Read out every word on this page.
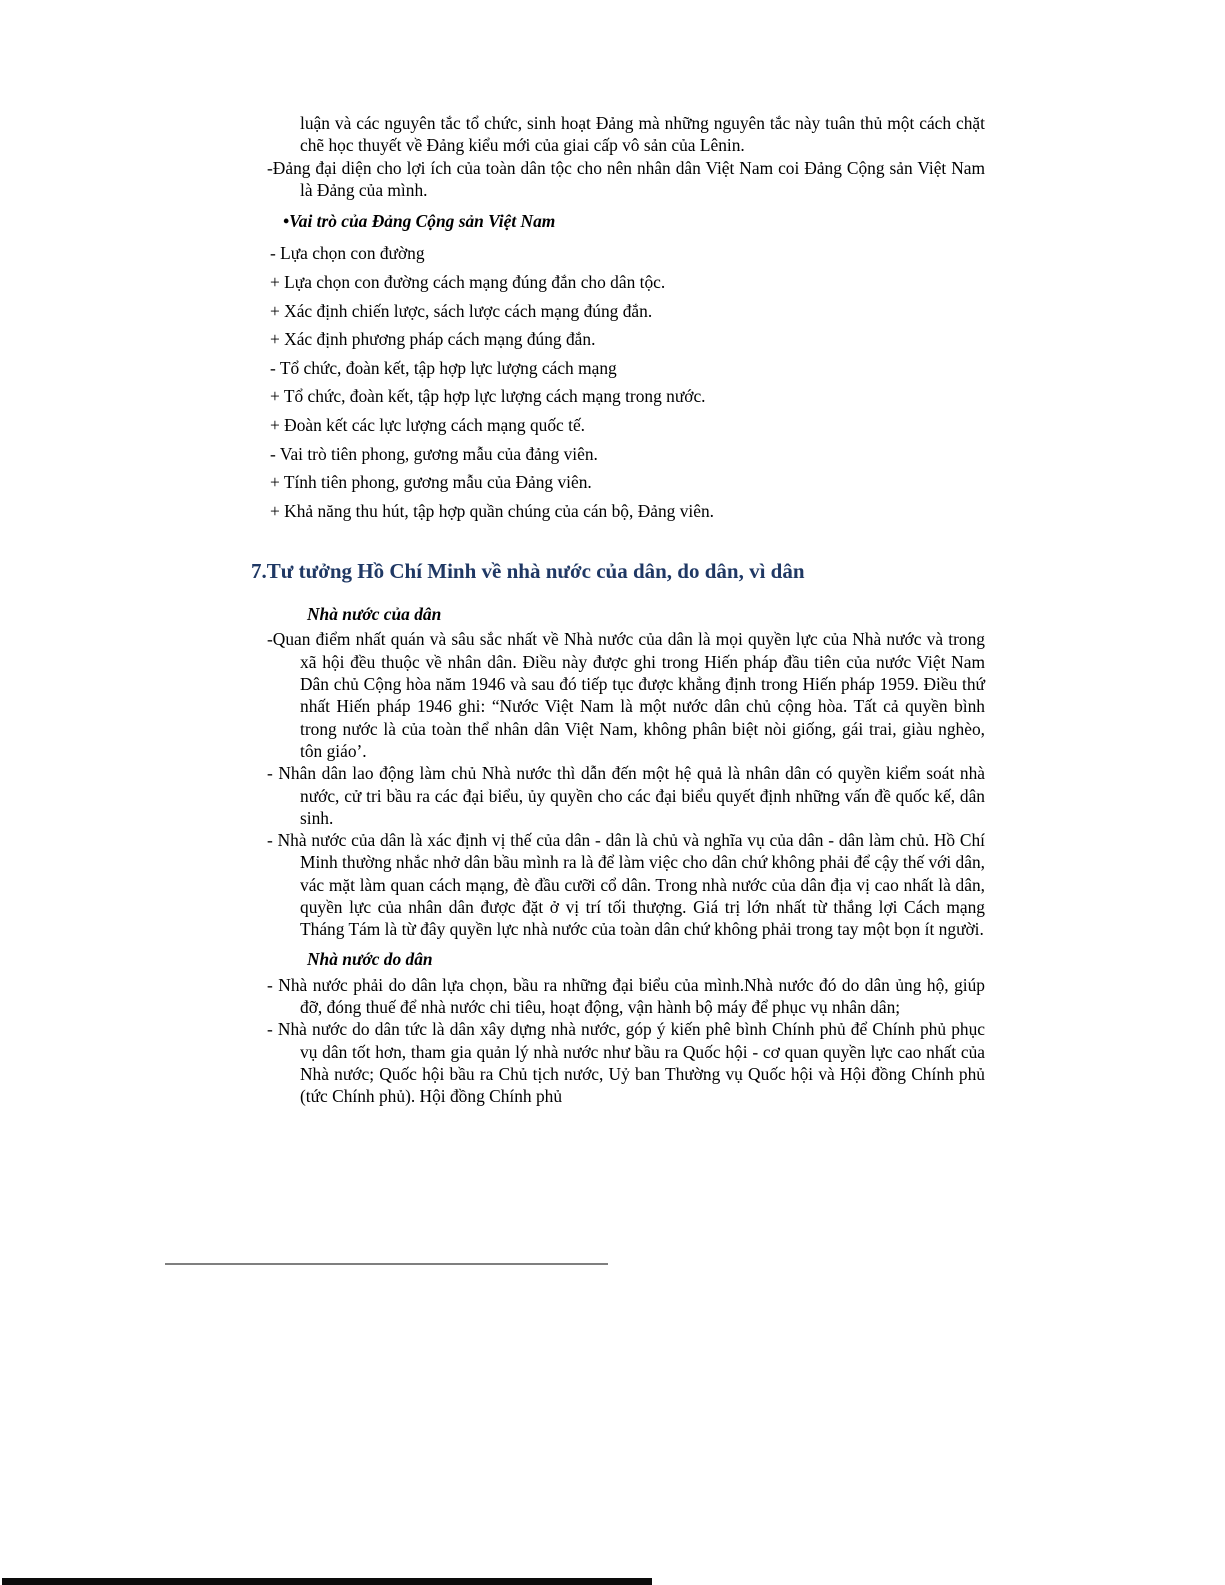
luận và các nguyên tắc tổ chức, sinh hoạt Đảng mà những nguyên tắc này tuân thủ một cách chặt chẽ học thuyết về Đảng kiểu mới của giai cấp vô sản của Lênin.
-Đảng đại diện cho lợi ích của toàn dân tộc cho nên nhân dân Việt Nam coi Đảng Cộng sản Việt Nam là Đảng của mình.
•Vai trò của Đảng Cộng sản Việt Nam
- Lựa chọn con đường
+ Lựa chọn con đường cách mạng đúng đắn cho dân tộc.
+ Xác định chiến lược, sách lược cách mạng đúng đắn.
+ Xác định phương pháp cách mạng đúng đắn.
- Tổ chức, đoàn kết, tập hợp lực lượng cách mạng
+ Tổ chức, đoàn kết, tập hợp lực lượng cách mạng trong nước.
+ Đoàn kết các lực lượng cách mạng quốc tế.
- Vai trò tiên phong, gương mẫu của đảng viên.
+ Tính tiên phong, gương mẫu của Đảng viên.
+ Khả năng thu hút, tập hợp quần chúng của cán bộ, Đảng viên.
7.Tư tưởng Hồ Chí Minh về nhà nước của dân, do dân, vì dân
Nhà nước của dân
-Quan điểm nhất quán và sâu sắc nhất về Nhà nước của dân là mọi quyền lực của Nhà nước và trong xã hội đều thuộc về nhân dân. Điều này được ghi trong Hiến pháp đầu tiên của nước Việt Nam Dân chủ Cộng hòa năm 1946 và sau đó tiếp tục được khẳng định trong Hiến pháp 1959. Điều thứ nhất Hiến pháp 1946 ghi: “Nước Việt Nam là một nước dân chủ cộng hòa. Tất cả quyền bình trong nước là của toàn thể nhân dân Việt Nam, không phân biệt nòi giống, gái trai, giàu nghèo, tôn giáo’.
- Nhân dân lao động làm chủ Nhà nước thì dẫn đến một hệ quả là nhân dân có quyền kiểm soát nhà nước, cử tri bầu ra các đại biểu, ủy quyền cho các đại biểu quyết định những vấn đề quốc kế, dân sinh.
- Nhà nước của dân là xác định vị thế của dân - dân là chủ và nghĩa vụ của dân - dân làm chủ. Hồ Chí Minh thường nhắc nhở dân bầu mình ra là để làm việc cho dân chứ không phải để cậy thế với dân, vác mặt làm quan cách mạng, đè đầu cưỡi cổ dân. Trong nhà nước của dân địa vị cao nhất là dân, quyền lực của nhân dân được đặt ở vị trí tối thượng. Giá trị lớn nhất từ thắng lợi Cách mạng Tháng Tám là từ đây quyền lực nhà nước của toàn dân chứ không phải trong tay một bọn ít người.
Nhà nước do dân
- Nhà nước phải do dân lựa chọn, bầu ra những đại biểu của mình.Nhà nước đó do dân ủng hộ, giúp đỡ, đóng thuế để nhà nước chi tiêu, hoạt động, vận hành bộ máy để phục vụ nhân dân;
- Nhà nước do dân tức là dân xây dựng nhà nước, góp ý kiến phê bình Chính phủ để Chính phủ phục vụ dân tốt hơn, tham gia quản lý nhà nước như bầu ra Quốc hội - cơ quan quyền lực cao nhất của Nhà nước; Quốc hội bầu ra Chủ tịch nước, Uỷ ban Thường vụ Quốc hội và Hội đồng Chính phủ (tức Chính phủ). Hội đồng Chính phủ
